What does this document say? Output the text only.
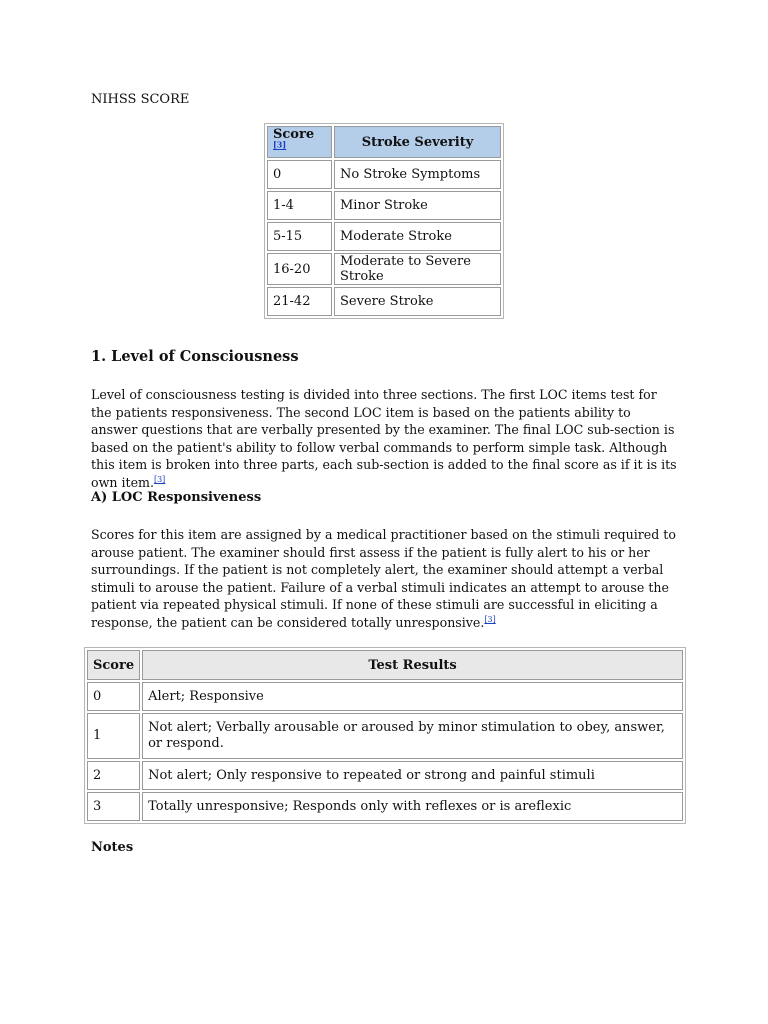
NIHSS SCORE
Score [3]	Stroke Severity
0	No Stroke Symptoms
1-4	Minor Stroke
5-15	Moderate Stroke
16-20	Moderate to Severe Stroke
21-42	Severe Stroke
1. Level of Consciousness

Level of consciousness testing is divided into three sections. The first LOC items test for the patients responsiveness. The second LOC item is based on the patients ability to answer questions that are verbally presented by the examiner. The final LOC sub-section is based on the patient's ability to follow verbal commands to perform simple task. Although this item is broken into three parts, each sub-section is added to the final score as if it is its own item.[3]

A) LOC Responsiveness

Scores for this item are assigned by a medical practitioner based on the stimuli required to arouse patient. The examiner should first assess if the patient is fully alert to his or her surroundings. If the patient is not completely alert, the examiner should attempt a verbal stimuli to arouse the patient. Failure of a verbal stimuli indicates an attempt to arouse the patient via repeated physical stimuli. If none of these stimuli are successful in eliciting a response, the patient can be considered totally unresponsive.[3]

Score	Test Results
0	Alert; Responsive
1	Not alert; Verbally arousable or aroused by minor stimulation to obey, answer, or respond.
2	Not alert; Only responsive to repeated or strong and painful stimuli
3	Totally unresponsive; Responds only with reflexes or is areflexic
Notes
